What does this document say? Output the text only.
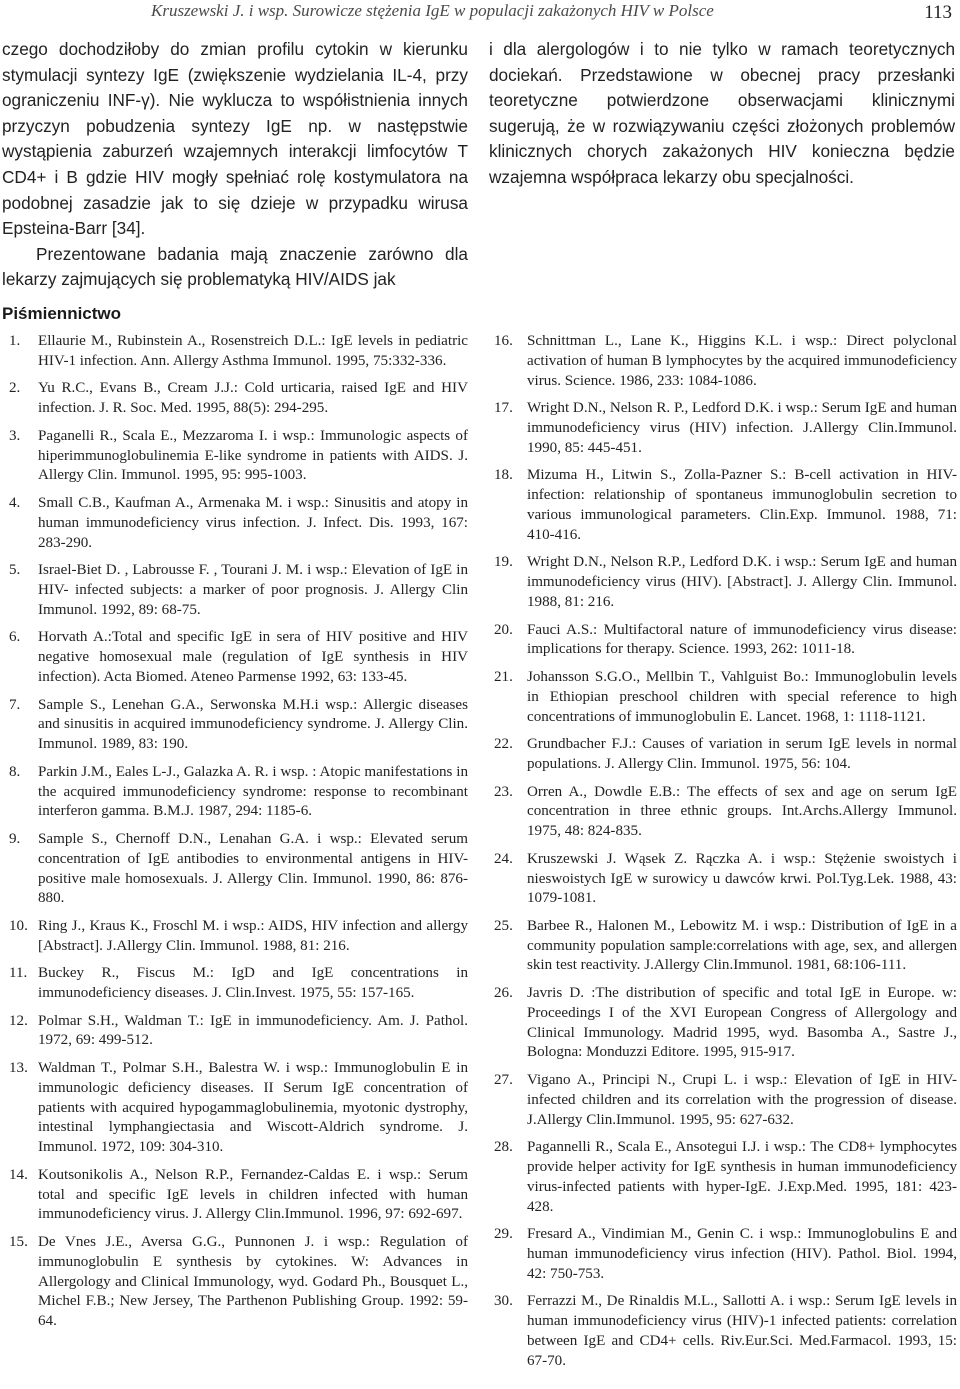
Kruszewski J. i wsp. Surowicze stężenia IgE w populacji zakażonych HIV w Polsce	113

czego dochodziłoby do zmian profilu cytokin w kierunku stymulacji syntezy IgE (zwiększenie wydzielania IL-4, przy ograniczeniu INF-γ). Nie wyklucza to współistnienia innych przyczyn pobudzenia syntezy IgE np. w następstwie wystąpienia zaburzeń wzajemnych interakcji limfocytów T CD4+ i B gdzie HIV mogły spełniać rolę kostymulatora na podobnej zasadzie jak to się dzieje w przypadku wirusa Epsteina-Barr [34].

Prezentowane badania mają znaczenie zarówno dla lekarzy zajmujących się problematyką HIV/AIDS jak

i dla alergologów i to nie tylko w ramach teoretycznych dociekań. Przedstawione w obecnej pracy przesłanki teoretyczne potwierdzone obserwacjami klinicznymi sugerują, że w rozwiązywaniu części złożonych problemów klinicznych chorych zakażonych HIV konieczna będzie wzajemna współpraca lekarzy obu specjalności.

Piśmiennictwo
1. Ellaurie M., Rubinstein A., Rosenstreich D.L.: IgE levels in pediatric HIV-1 infection. Ann. Allergy Asthma Immunol. 1995, 75:332-336.
2. Yu R.C., Evans B., Cream J.J.: Cold urticaria, raised IgE and HIV infection. J. R. Soc. Med. 1995, 88(5): 294-295.
3. Paganelli R., Scala E., Mezzaroma I. i wsp.: Immunologic aspects of hiperimmunoglobulinemia E-like syndrome in patients with AIDS. J. Allergy Clin. Immunol. 1995, 95: 995-1003.
4. Small C.B., Kaufman A., Armenaka M. i wsp.: Sinusitis and atopy in human immunodeficiency virus infection. J. Infect. Dis. 1993, 167: 283-290.
5. Israel-Biet D. , Labrousse F. , Tourani J. M. i wsp.: Elevation of IgE in HIV- infected subjects: a marker of poor prognosis. J. Allergy Clin Immunol. 1992, 89: 68-75.
6. Horvath A.:Total and specific IgE in sera of HIV positive and HIV negative homosexual male (regulation of IgE synthesis in HIV infection). Acta Biomed. Ateneo Parmense 1992, 63: 133-45.
7. Sample S., Lenehan G.A., Serwonska M.H.i wsp.: Allergic diseases and sinusitis in acquired immunodeficiency syndrome. J. Allergy Clin. Immunol. 1989, 83: 190.
8. Parkin J.M., Eales L-J., Galazka A. R. i wsp. : Atopic manifestations in the acquired immunodeficiency syndrome: response to recombinant interferon gamma. B.M.J. 1987, 294: 1185-6.
9. Sample S., Chernoff D.N., Lenahan G.A. i wsp.: Elevated serum concentration of IgE antibodies to environmental antigens in HIV- positive male homosexuals. J. Allergy Clin. Immunol. 1990, 86: 876-880.
10. Ring J., Kraus K., Froschl M. i wsp.: AIDS, HIV infection and allergy [Abstract]. J.Allergy Clin. Immunol. 1988, 81: 216.
11. Buckey R., Fiscus M.: IgD and IgE concentrations in immunodeficiency diseases. J. Clin.Invest. 1975, 55: 157-165.
12. Polmar S.H., Waldman T.: IgE in immunodeficiency. Am. J. Pathol. 1972, 69: 499-512.
13. Waldman T., Polmar S.H., Balestra W. i wsp.: Immunoglobulin E in immunologic deficiency diseases. II Serum IgE concentration of patients with acquired hypogammaglobulinemia, myotonic dystrophy, intestinal lymphangiectasia and Wiscott-Aldrich syndrome. J. Immunol. 1972, 109: 304-310.
14. Koutsonikolis A., Nelson R.P., Fernandez-Caldas E. i wsp.: Serum total and specific IgE levels in children infected with human immunodeficiency virus. J. Allergy Clin.Immunol. 1996, 97: 692-697.
15. De Vnes J.E., Aversa G.G., Punnonen J. i wsp.: Regulation of immunoglobulin E synthesis by cytokines. W: Advances in Allergology and Clinical Immunology, wyd. Godard Ph., Bousquet L., Michel F.B.; New Jersey, The Parthenon Publishing Group. 1992: 59-64.
16. Schnittman L., Lane K., Higgins K.L. i wsp.: Direct polyclonal activation of human B lymphocytes by the acquired immunodeficiency virus. Science. 1986, 233: 1084-1086.
17. Wright D.N., Nelson R. P., Ledford D.K. i wsp.: Serum IgE and human immunodeficiency virus (HIV) infection. J.Allergy Clin.Immunol. 1990, 85: 445-451.
18. Mizuma H., Litwin S., Zolla-Pazner S.: B-cell activation in HIV-infection: relationship of spontaneus immunoglobulin secretion to various immunological parameters. Clin.Exp. Immunol. 1988, 71: 410-416.
19. Wright D.N., Nelson R.P., Ledford D.K. i wsp.: Serum IgE and human immunodeficiency virus (HIV). [Abstract]. J. Allergy Clin. Immunol. 1988, 81: 216.
20. Fauci A.S.: Multifactoral nature of immunodeficiency virus disease: implications for therapy. Science. 1993, 262: 1011-18.
21. Johansson S.G.O., Mellbin T., Vahlguist Bo.: Immunoglobulin levels in Ethiopian preschool children with special reference to high concentrations of immunoglobulin E. Lancet. 1968, 1: 1118-1121.
22. Grundbacher F.J.: Causes of variation in serum IgE levels in normal populations. J. Allergy Clin. Immunol. 1975, 56: 104.
23. Orren A., Dowdle E.B.: The effects of sex and age on serum IgE concentration in three ethnic groups. Int.Archs.Allergy Immunol. 1975, 48: 824-835.
24. Kruszewski J. Wąsek Z. Rączka A. i wsp.: Stężenie swoistych i nieswoistych IgE w surowicy u dawców krwi. Pol.Tyg.Lek. 1988, 43: 1079-1081.
25. Barbee R., Halonen M., Lebowitz M. i wsp.: Distribution of IgE in a community population sample:correlations with age, sex, and allergen skin test reactivity. J.Allergy Clin.Immunol. 1981, 68:106-111.
26. Javris D. :The distribution of specific and total IgE in Europe. w: Proceedings I of the XVI European Congress of Allergology and Clinical Immunology. Madrid 1995, wyd. Basomba A., Sastre J., Bologna: Monduzzi Editore. 1995, 915-917.
27. Vigano A., Principi N., Crupi L. i wsp.: Elevation of IgE in HIV- infected children and its correlation with the progression of disease. J.Allergy Clin.Immunol. 1995, 95: 627-632.
28. Pagannelli R., Scala E., Ansotegui I.J. i wsp.: The CD8+ lymphocytes provide helper activity for IgE synthesis in human immunodeficiency virus-infected patients with hyper-IgE. J.Exp.Med. 1995, 181: 423-428.
29. Fresard A., Vindimian M., Genin C. i wsp.: Immunoglobulins E and human immunodeficiency virus infection (HIV). Pathol. Biol. 1994, 42: 750-753.
30. Ferrazzi M., De Rinaldis M.L., Sallotti A. i wsp.: Serum IgE levels in human immunodeficiency virus (HIV)-1 infected patients: correlation between IgE and CD4+ cells. Riv.Eur.Sci. Med.Farmacol. 1993, 15: 67-70.
